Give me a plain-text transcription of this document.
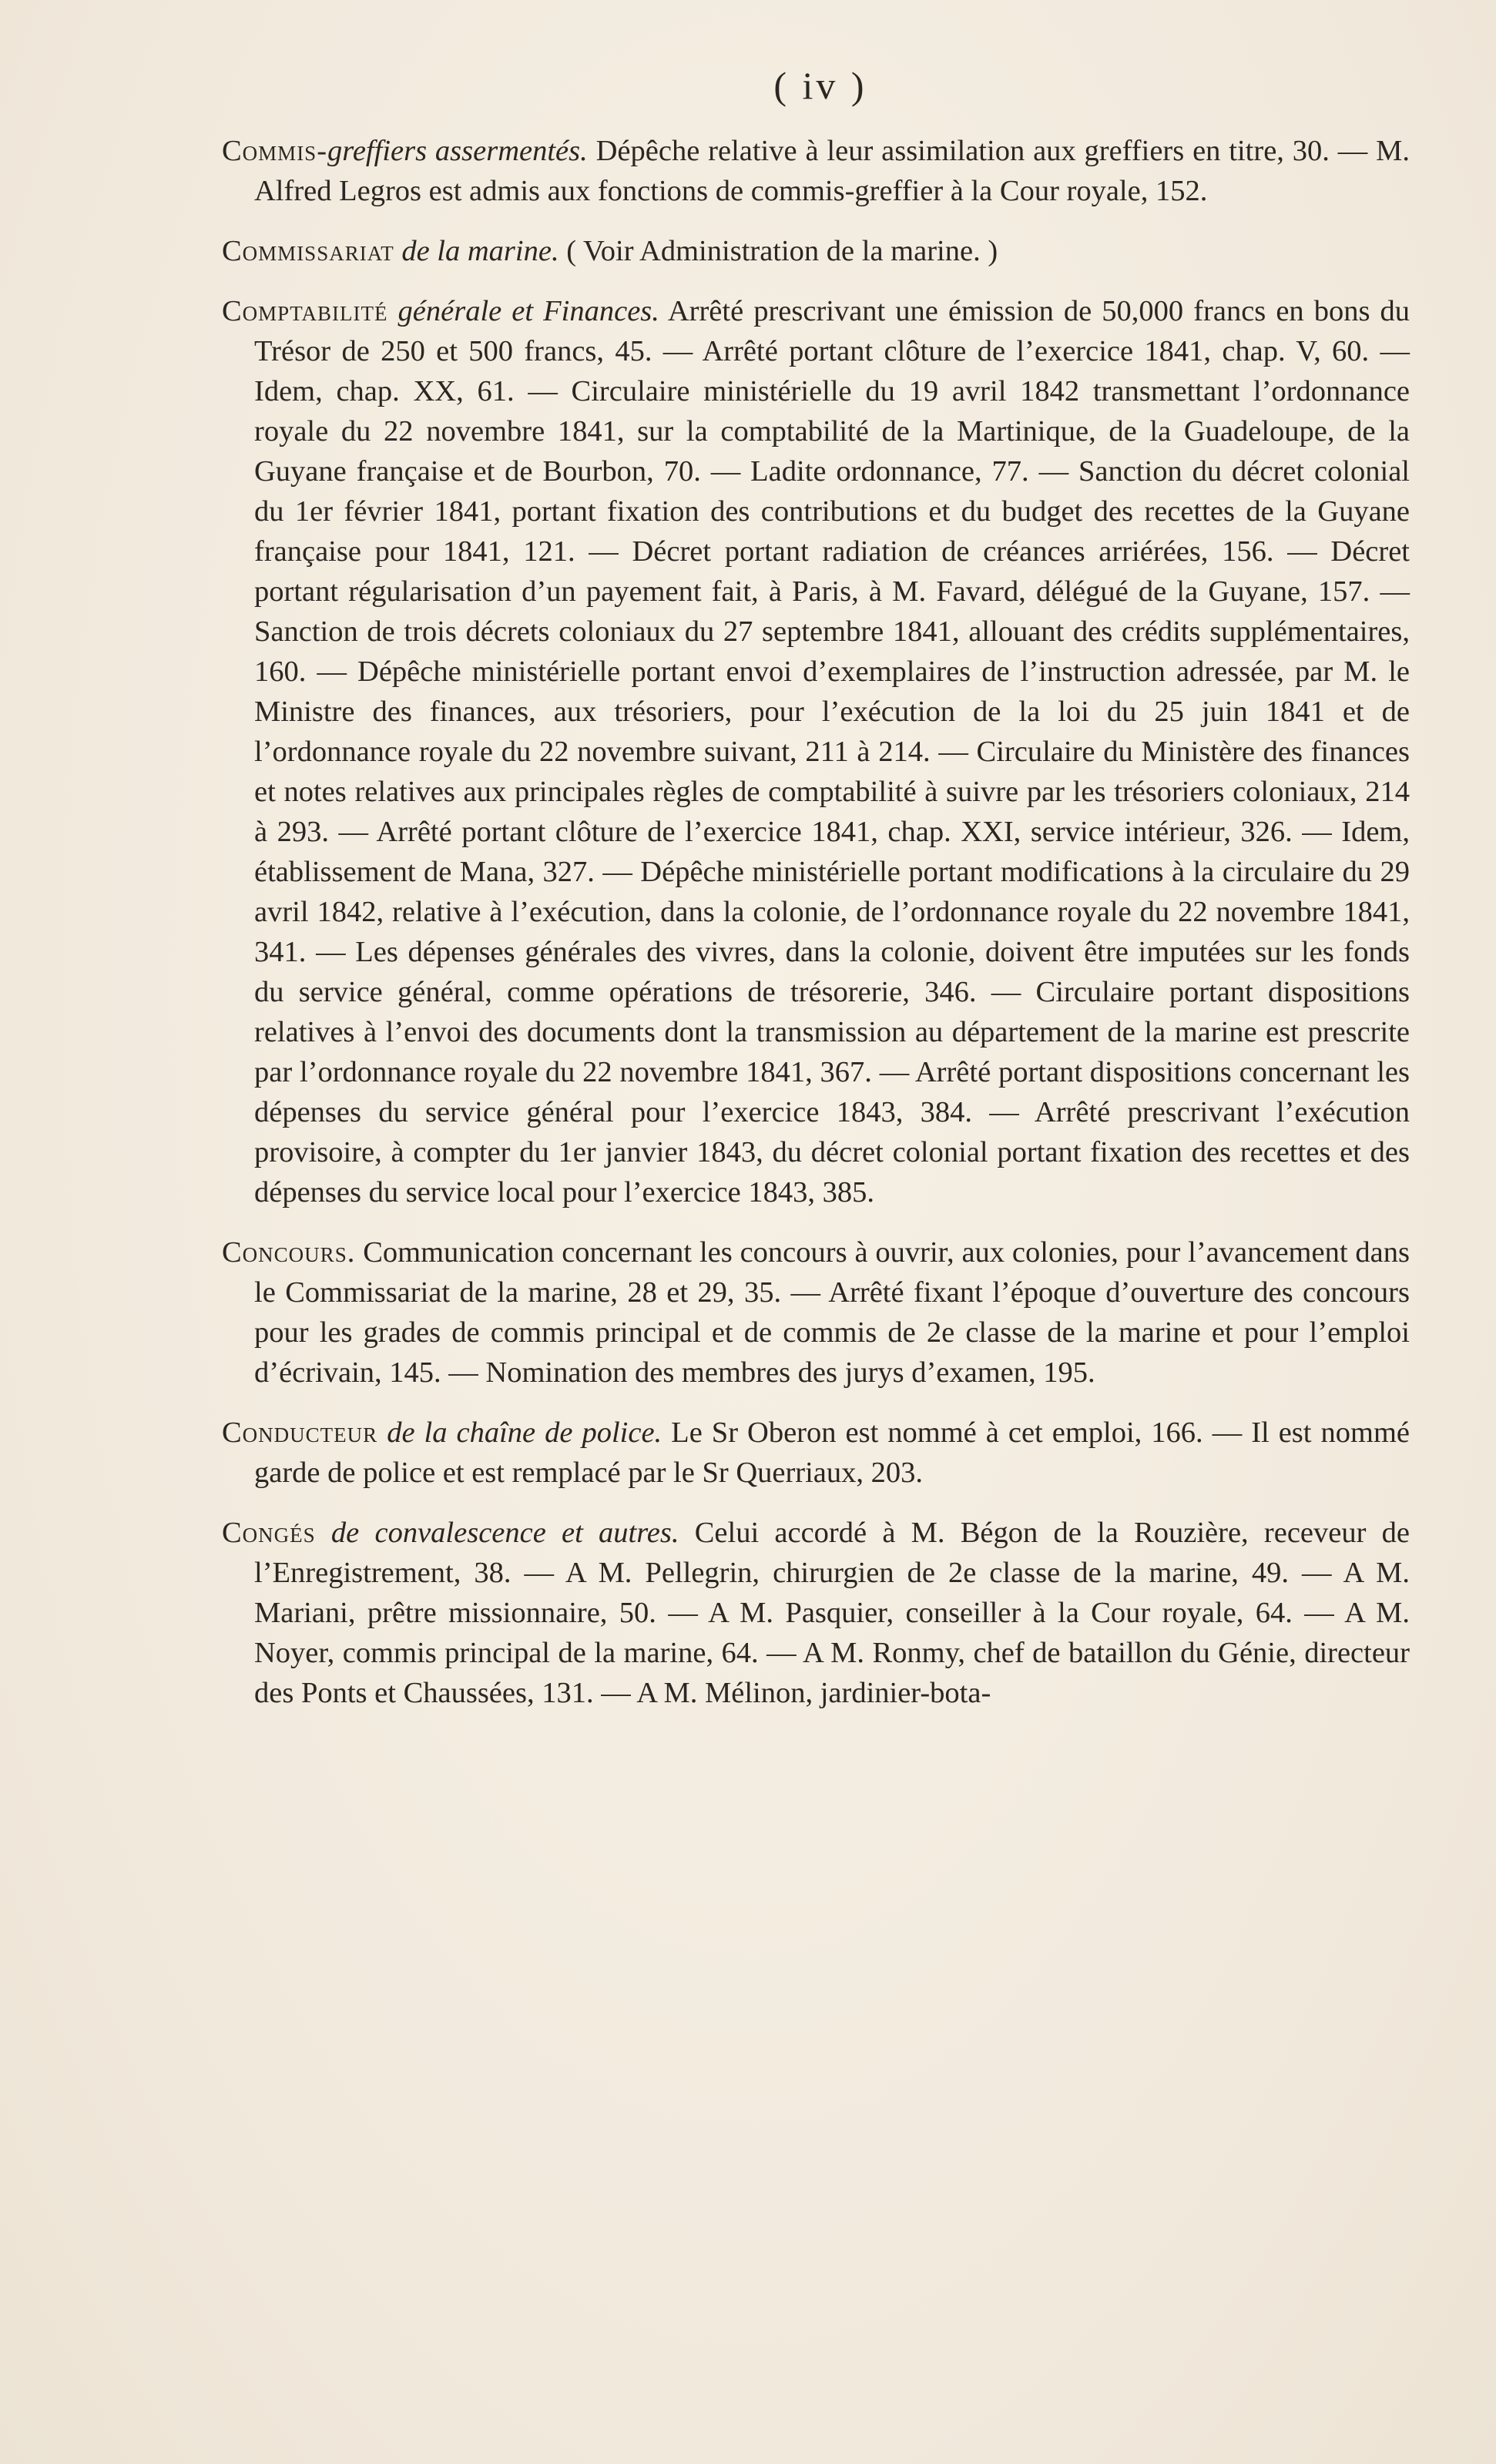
( iv )

Commis-greffiers assermentés. Dépêche relative à leur assimilation aux greffiers en titre, 30. — M. Alfred Legros est admis aux fonctions de commis-greffier à la Cour royale, 152.

Commissariat de la marine. ( Voir Administration de la marine. )

Comptabilité générale et Finances. Arrêté prescrivant une émission de 50,000 francs en bons du Trésor de 250 et 500 francs, 45. — Arrêté portant clôture de l’exercice 1841, chap. V, 60. — Idem, chap. XX, 61. — Circulaire ministérielle du 19 avril 1842 transmettant l’ordonnance royale du 22 novembre 1841, sur la comptabilité de la Martinique, de la Guadeloupe, de la Guyane française et de Bourbon, 70. — Ladite ordonnance, 77. — Sanction du décret colonial du 1er février 1841, portant fixation des contributions et du budget des recettes de la Guyane française pour 1841, 121. — Décret portant radiation de créances arriérées, 156. — Décret portant régularisation d’un payement fait, à Paris, à M. Favard, délégué de la Guyane, 157. — Sanction de trois décrets coloniaux du 27 septembre 1841, allouant des crédits supplémentaires, 160. — Dépêche ministérielle portant envoi d’exemplaires de l’instruction adressée, par M. le Ministre des finances, aux trésoriers, pour l’exécution de la loi du 25 juin 1841 et de l’ordonnance royale du 22 novembre suivant, 211 à 214. — Circulaire du Ministère des finances et notes relatives aux principales règles de comptabilité à suivre par les trésoriers coloniaux, 214 à 293. — Arrêté portant clôture de l’exercice 1841, chap. XXI, service intérieur, 326. — Idem, établissement de Mana, 327. — Dépêche ministérielle portant modifications à la circulaire du 29 avril 1842, relative à l’exécution, dans la colonie, de l’ordonnance royale du 22 novembre 1841, 341. — Les dépenses générales des vivres, dans la colonie, doivent être imputées sur les fonds du service général, comme opérations de trésorerie, 346. — Circulaire portant dispositions relatives à l’envoi des documents dont la transmission au département de la marine est prescrite par l’ordonnance royale du 22 novembre 1841, 367. — Arrêté portant dispositions concernant les dépenses du service général pour l’exercice 1843, 384. — Arrêté prescrivant l’exécution provisoire, à compter du 1er janvier 1843, du décret colonial portant fixation des recettes et des dépenses du service local pour l’exercice 1843, 385.

Concours. Communication concernant les concours à ouvrir, aux colonies, pour l’avancement dans le Commissariat de la marine, 28 et 29, 35. — Arrêté fixant l’époque d’ouverture des concours pour les grades de commis principal et de commis de 2e classe de la marine et pour l’emploi d’écrivain, 145. — Nomination des membres des jurys d’examen, 195.

Conducteur de la chaîne de police. Le Sr Oberon est nommé à cet emploi, 166. — Il est nommé garde de police et est remplacé par le Sr Querriaux, 203.

Congés de convalescence et autres. Celui accordé à M. Bégon de la Rouzière, receveur de l’Enregistrement, 38. — A M. Pellegrin, chirurgien de 2e classe de la marine, 49. — A M. Mariani, prêtre missionnaire, 50. — A M. Pasquier, conseiller à la Cour royale, 64. — A M. Noyer, commis principal de la marine, 64. — A M. Ronmy, chef de bataillon du Génie, directeur des Ponts et Chaussées, 131. — A M. Mélinon, jardinier-bota-
